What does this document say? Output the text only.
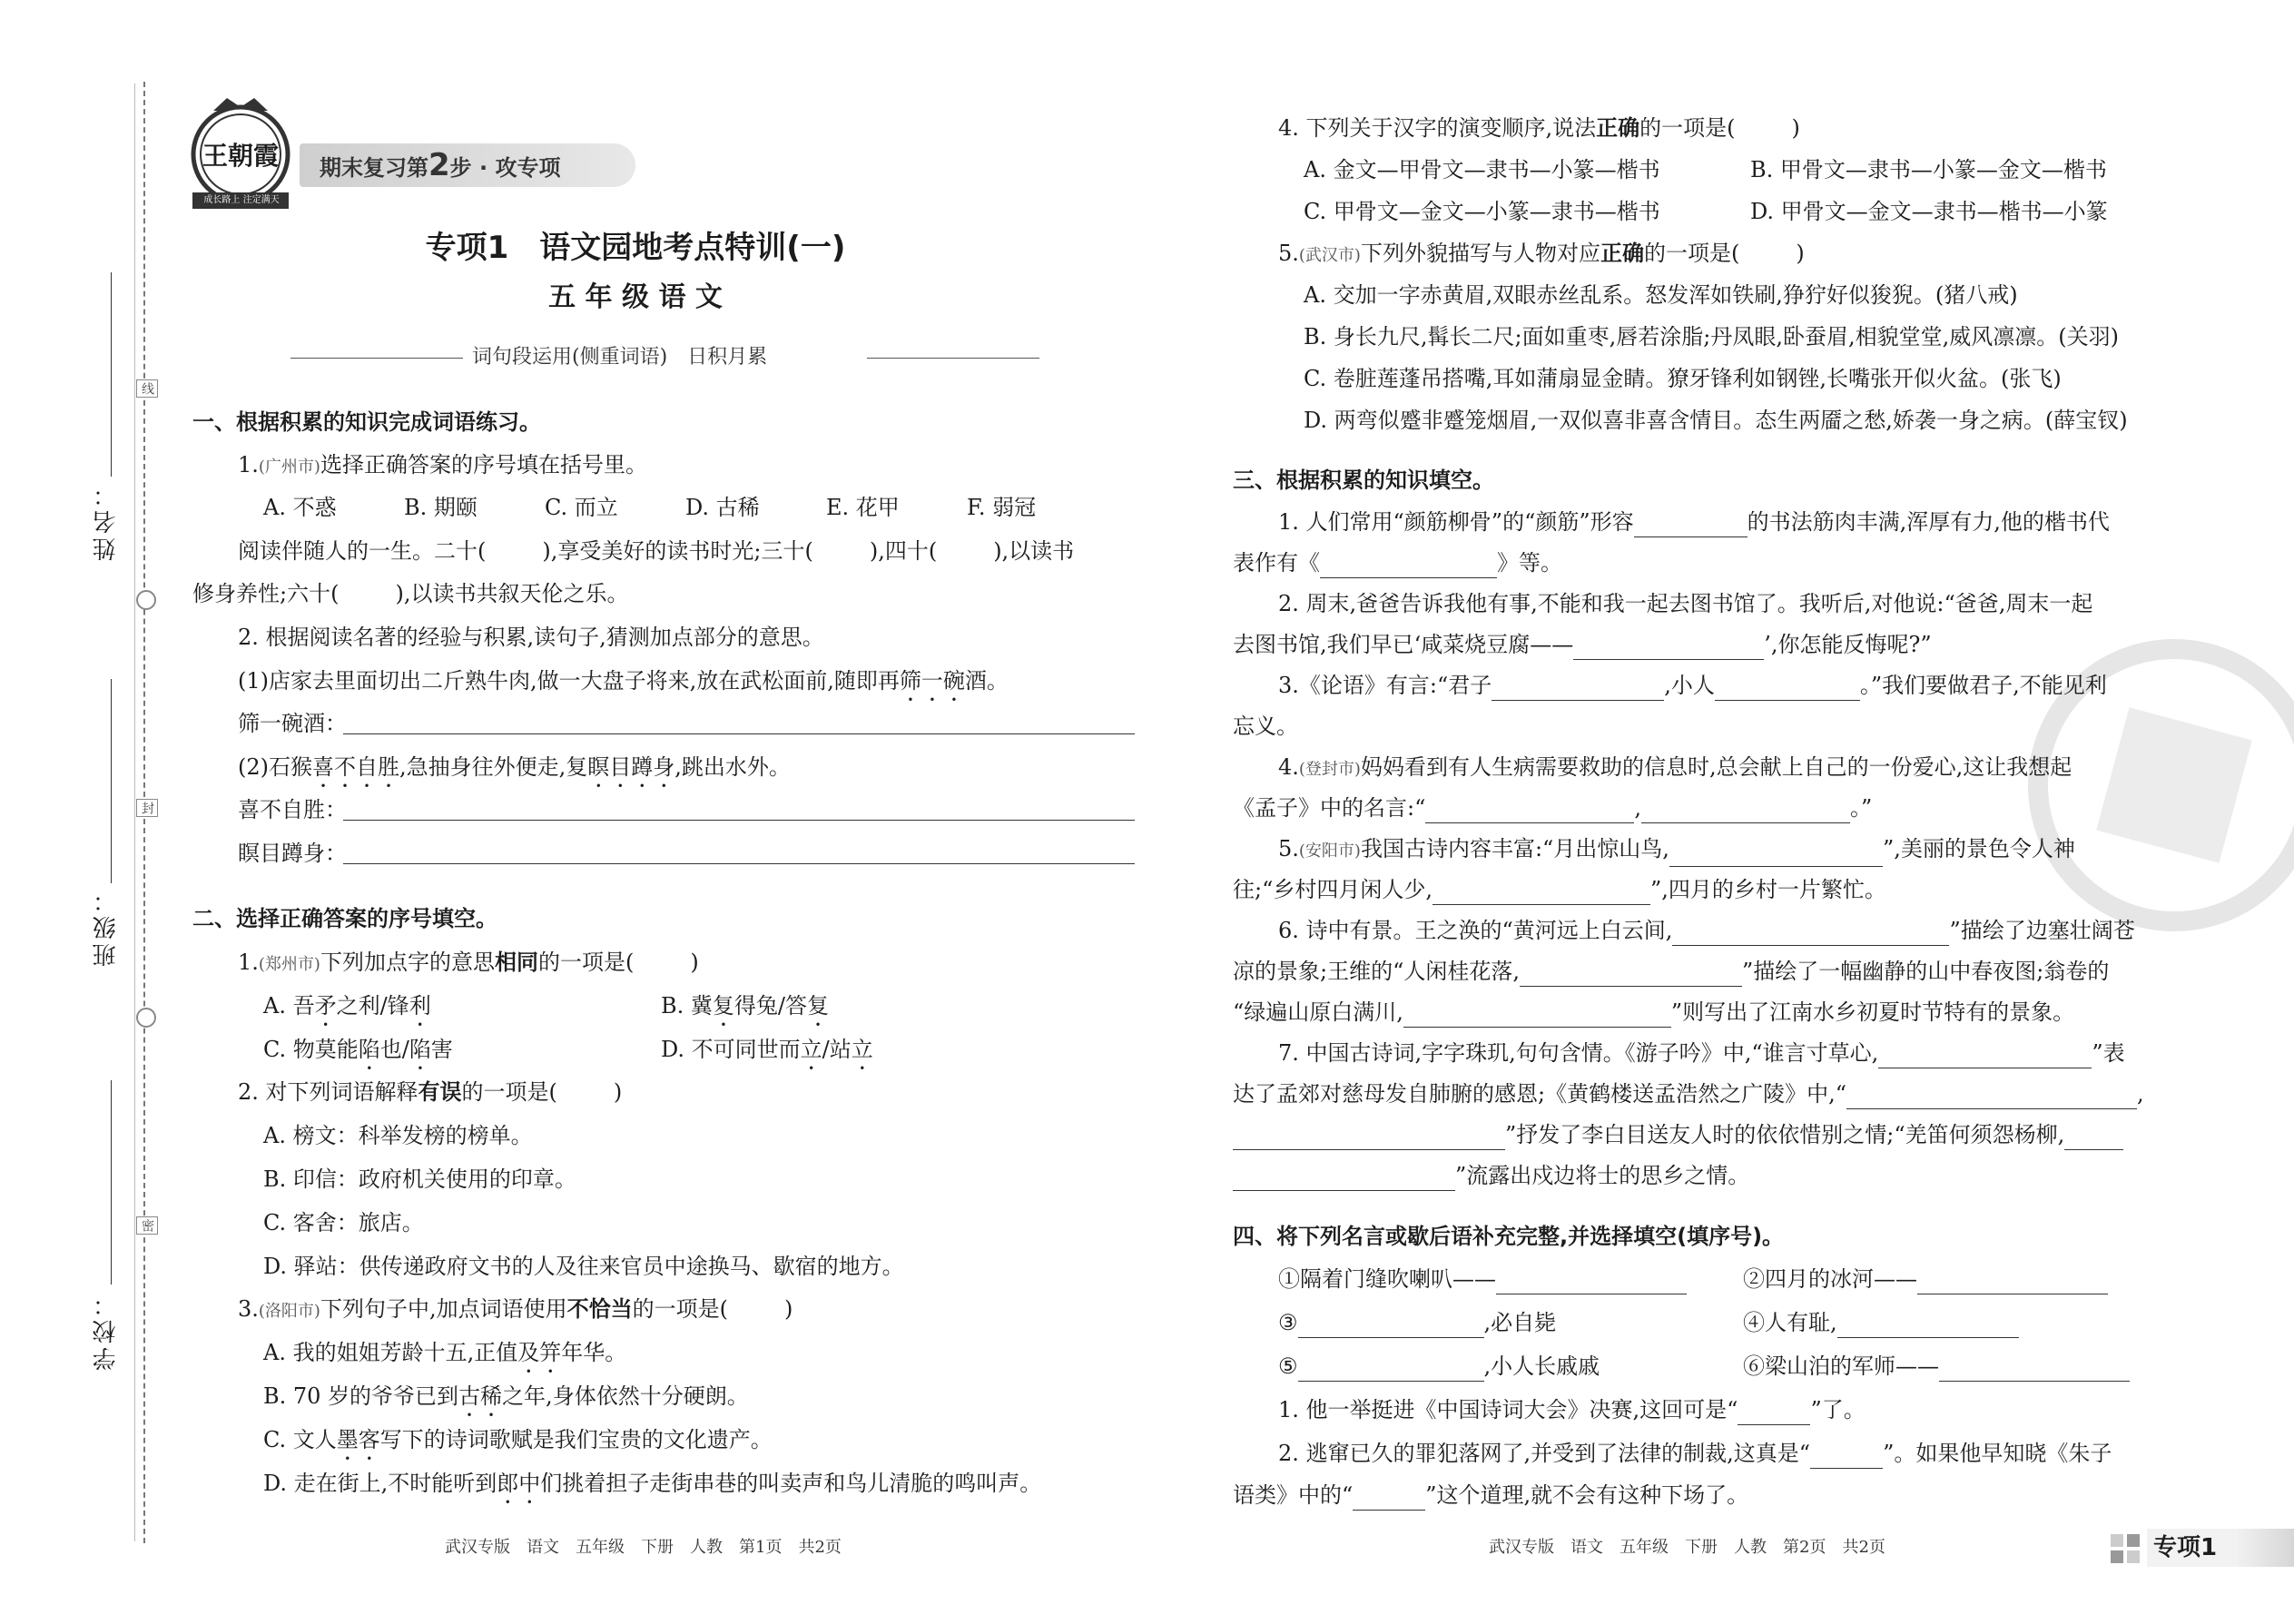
姓名：
班级：
学校：
线
封
密
王朝霞
成长路上 注定满天
期末复习第2步 · 攻专项
专项1　语文园地考点特训(一)
五 年 级 语 文
词句段运用(侧重词语)　日积月累
一、根据积累的知识完成词语练习。
1.(广州市)选择正确答案的序号填在括号里。
A. 不惑	B. 期颐	C. 而立	D. 古稀	E. 花甲	F. 弱冠
阅读伴随人的一生。二十(	),享受美好的读书时光;三十(	),四十(	),以读书
修身养性;六十(	),以读书共叙天伦之乐。
2. 根据阅读名著的经验与积累,读句子,猜测加点部分的意思。
(1)店家去里面切出二斤熟牛肉,做一大盘子将来,放在武松面前,随即再筛一碗酒。
筛一碗酒：
(2)石猴喜不自胜,急抽身往外便走,复瞑目蹲身,跳出水外。
喜不自胜：
瞑目蹲身：
二、选择正确答案的序号填空。
1.(郑州市)下列加点字的意思相同的一项是(	)
A. 吾矛之利/锋利	B. 冀复得兔/答复
C. 物莫能陷也/陷害	D. 不可同世而立/站立
2. 对下列词语解释有误的一项是(	)
A. 榜文：科举发榜的榜单。
B. 印信：政府机关使用的印章。
C. 客舍：旅店。
D. 驿站：供传递政府文书的人及往来官员中途换马、歇宿的地方。
3.(洛阳市)下列句子中,加点词语使用不恰当的一项是(	)
A. 我的姐姐芳龄十五,正值及笄年华。
B. 70 岁的爷爷已到古稀之年,身体依然十分硬朗。
C. 文人墨客写下的诗词歌赋是我们宝贵的文化遗产。
D. 走在街上,不时能听到郎中们挑着担子走街串巷的叫卖声和鸟儿清脆的鸣叫声。
武汉专版　语文　五年级　下册　人教　第1页　共2页
4. 下列关于汉字的演变顺序,说法正确的一项是(	)
A. 金文—甲骨文—隶书—小篆—楷书	B. 甲骨文—隶书—小篆—金文—楷书
C. 甲骨文—金文—小篆—隶书—楷书	D. 甲骨文—金文—隶书—楷书—小篆
5.(武汉市)下列外貌描写与人物对应正确的一项是(	)
A. 交加一字赤黄眉,双眼赤丝乱系。怒发浑如铁刷,狰狞好似狻猊。(猪八戒)
B. 身长九尺,髯长二尺;面如重枣,唇若涂脂;丹凤眼,卧蚕眉,相貌堂堂,威风凛凛。(关羽)
C. 卷脏莲蓬吊搭嘴,耳如蒲扇显金睛。獠牙锋利如钢锉,长嘴张开似火盆。(张飞)
D. 两弯似蹙非蹙笼烟眉,一双似喜非喜含情目。态生两靥之愁,娇袭一身之病。(薛宝钗)
三、根据积累的知识填空。
1. 人们常用“颜筋柳骨”的“颜筋”形容	的书法筋肉丰满,浑厚有力,他的楷书代
表作有《	》等。
2. 周末,爸爸告诉我他有事,不能和我一起去图书馆了。我听后,对他说:“爸爸,周末一起
去图书馆,我们早已‘咸菜烧豆腐——	’,你怎能反悔呢?”
3.《论语》有言:“君子	,小人	。”我们要做君子,不能见利
忘义。
4.(登封市)妈妈看到有人生病需要救助的信息时,总会献上自己的一份爱心,这让我想起
《孟子》中的名言:“	,	。”
5.(安阳市)我国古诗内容丰富:“月出惊山鸟,	”,美丽的景色令人神
往;“乡村四月闲人少,	”,四月的乡村一片繁忙。
6. 诗中有景。王之涣的“黄河远上白云间,	”描绘了边塞壮阔苍
凉的景象;王维的“人闲桂花落,	”描绘了一幅幽静的山中春夜图;翁卷的
“绿遍山原白满川,	”则写出了江南水乡初夏时节特有的景象。
7. 中国古诗词,字字珠玑,句句含情。《游子吟》中,“谁言寸草心,	”表
达了孟郊对慈母发自肺腑的感恩;《黄鹤楼送孟浩然之广陵》中,“	,
”抒发了李白目送友人时的依依惜别之情;“羌笛何须怨杨柳,
”流露出戍边将士的思乡之情。
四、将下列名言或歇后语补充完整,并选择填空(填序号)。
①隔着门缝吹喇叭——	②四月的冰河——
③	,必自毙	④人有耻,
⑤	,小人长戚戚	⑥梁山泊的军师——
1. 他一举挺进《中国诗词大会》决赛,这回可是“	”了。
2. 逃窜已久的罪犯落网了,并受到了法律的制裁,这真是“	”。如果他早知晓《朱子
语类》中的“	”这个道理,就不会有这种下场了。
武汉专版　语文　五年级　下册　人教　第2页　共2页	专项1
